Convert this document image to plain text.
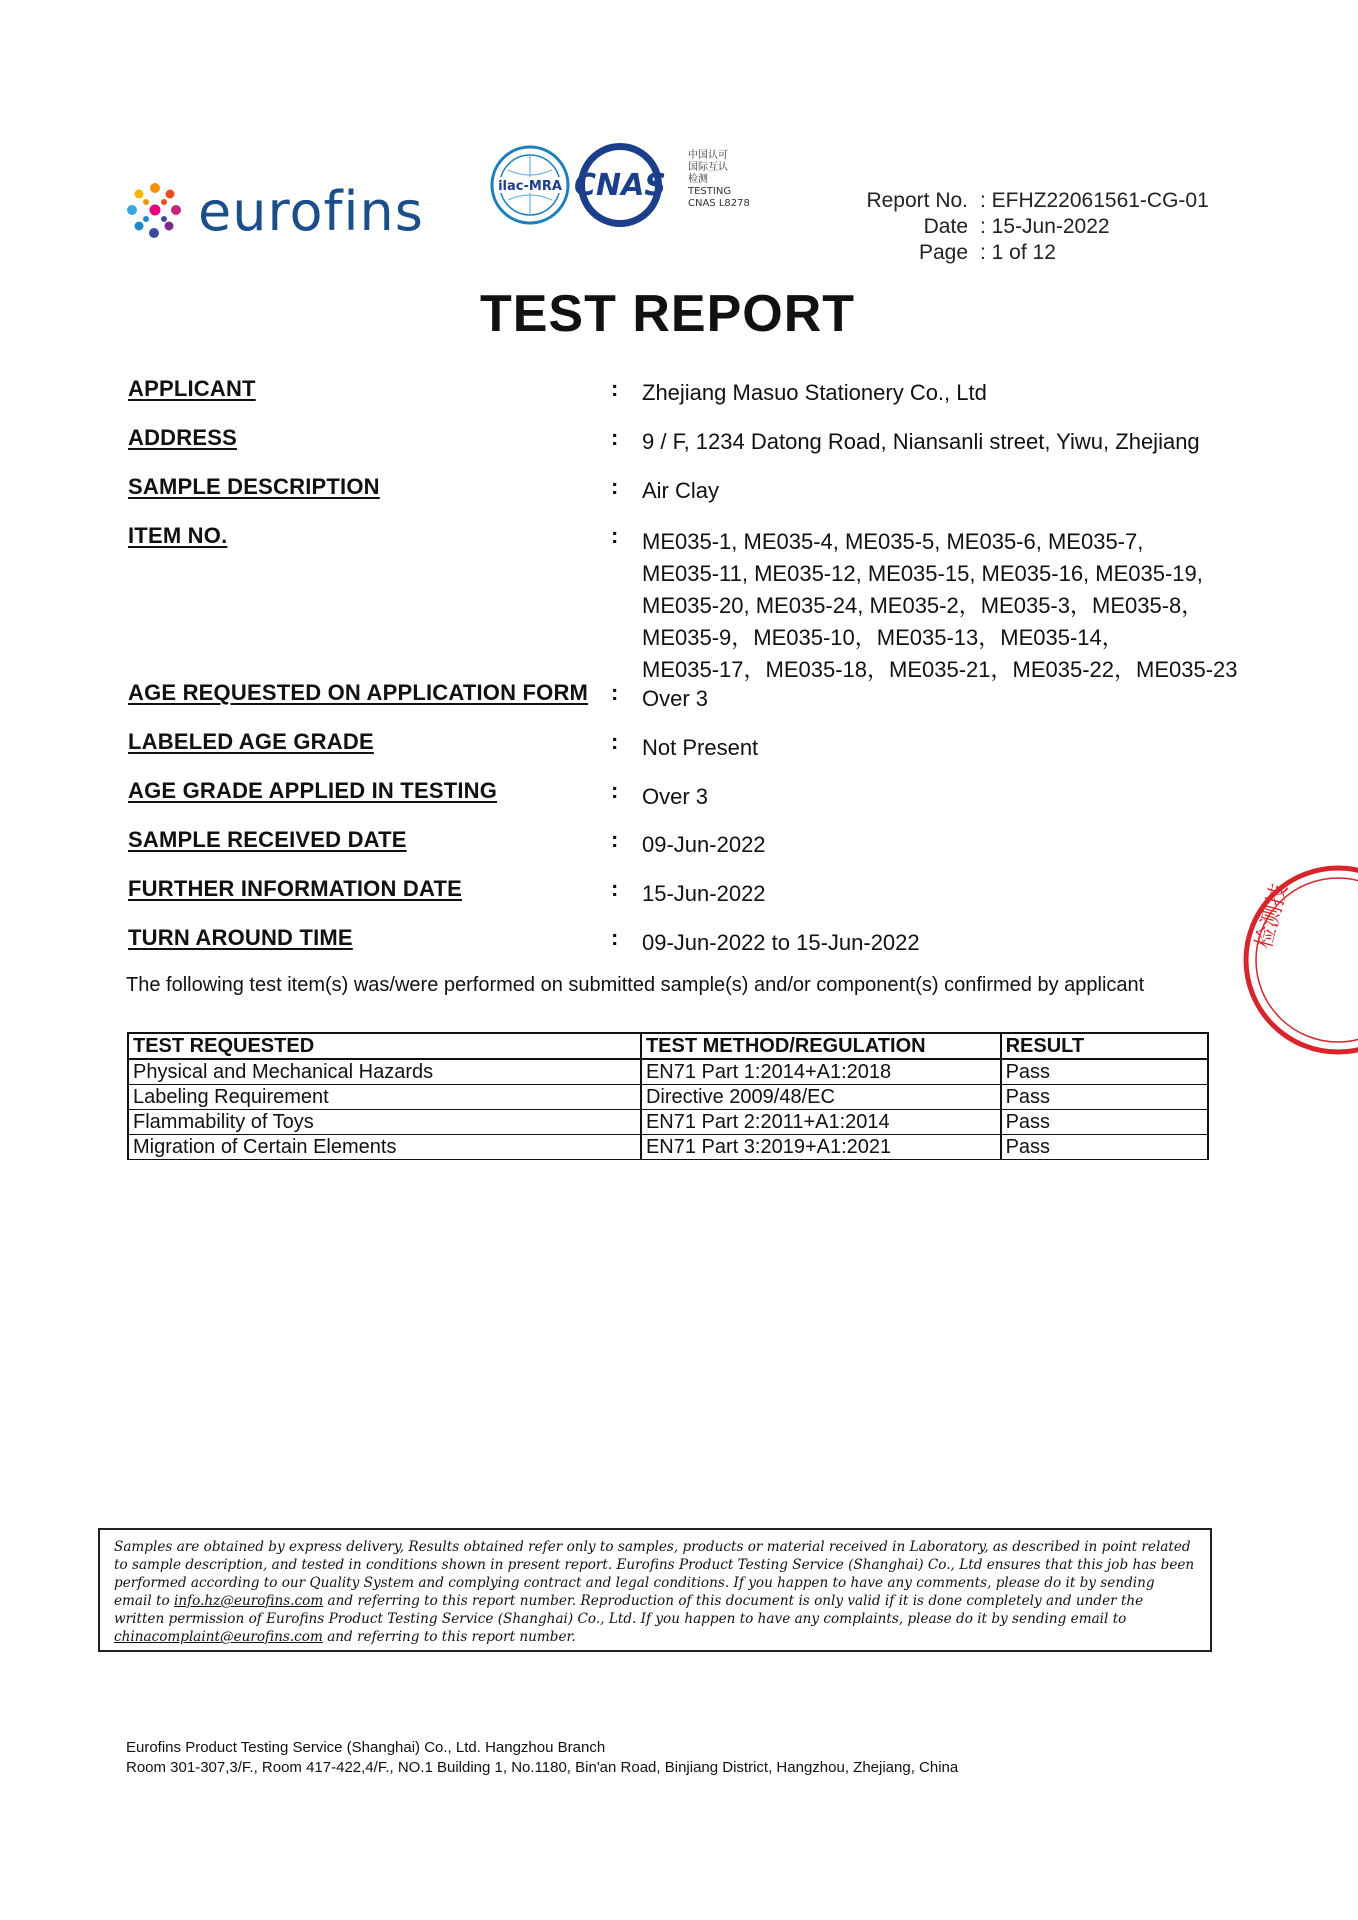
eurofins	ilac-MRA CNAS
中国认可
国际互认
检测
TESTING
CNAS L8278	Report No. : EFHZ22061561-CG-01
Date : 15-Jun-2022
Page : 1 of 12
TEST REPORT
APPLICANT	: Zhejiang Masuo Stationery Co., Ltd
ADDRESS	: 9 / F, 1234 Datong Road, Niansanli street, Yiwu, Zhejiang
SAMPLE DESCRIPTION	: Air Clay
ITEM NO.	: ME035-1, ME035-4, ME035-5, ME035-6, ME035-7,
ME035-11, ME035-12, ME035-15, ME035-16, ME035-19,
ME035-20, ME035-24, ME035-2，ME035-3，ME035-8，
ME035-9，ME035-10，ME035-13，ME035-14，
ME035-17，ME035-18，ME035-21，ME035-22，ME035-23
AGE REQUESTED ON APPLICATION FORM : Over 3
LABELED AGE GRADE	: Not Present
AGE GRADE APPLIED IN TESTING	: Over 3
SAMPLE RECEIVED DATE	: 09-Jun-2022
FURTHER INFORMATION DATE	: 15-Jun-2022
TURN AROUND TIME	: 09-Jun-2022 to 15-Jun-2022
The following test item(s) was/were performed on submitted sample(s) and/or component(s) confirmed by applicant
TEST REQUESTED	TEST METHOD/REGULATION	RESULT
Physical and Mechanical Hazards	EN71 Part 1:2014+A1:2018	Pass
Labeling Requirement	Directive 2009/48/EC	Pass
Flammability of Toys	EN71 Part 2:2011+A1:2014	Pass
Migration of Certain Elements	EN71 Part 3:2019+A1:2021	Pass
Samples are obtained by express delivery, Results obtained refer only to samples, products or material received in Laboratory, as described in point related to sample description, and tested in conditions shown in present report. Eurofins Product Testing Service (Shanghai) Co., Ltd ensures that this job has been performed according to our Quality System and complying contract and legal conditions. If you happen to have any comments, please do it by sending email to info.hz@eurofins.com and referring to this report number. Reproduction of this document is only valid if it is done completely and under the written permission of Eurofins Product Testing Service (Shanghai) Co., Ltd. If you happen to have any complaints, please do it by sending email to chinacomplaint@eurofins.com and referring to this report number.
Eurofins Product Testing Service (Shanghai) Co., Ltd. Hangzhou Branch
Room 301-307,3/F., Room 417-422,4/F., NO.1 Building 1, No.1180, Bin'an Road, Binjiang District, Hangzhou, Zhejiang, China
检测技
